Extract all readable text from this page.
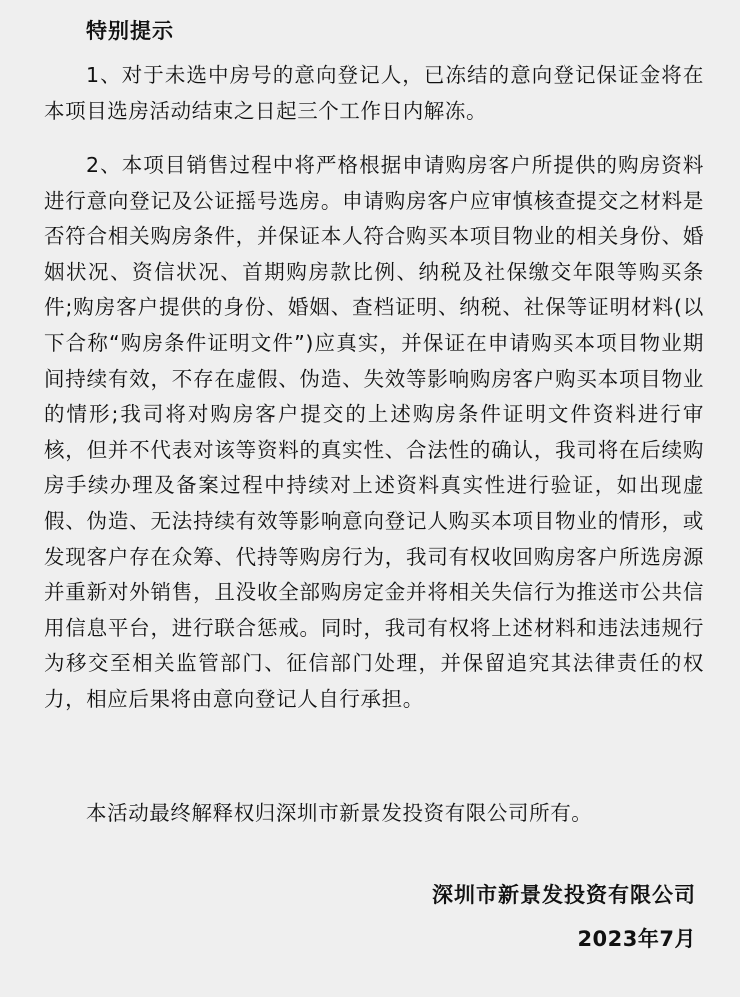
特别提示

1、对于未选中房号的意向登记人，已冻结的意向登记保证金将在本项目选房活动结束之日起三个工作日内解冻。

2、本项目销售过程中将严格根据申请购房客户所提供的购房资料进行意向登记及公证摇号选房。申请购房客户应审慎核查提交之材料是否符合相关购房条件，并保证本人符合购买本项目物业的相关身份、婚姻状况、资信状况、首期购房款比例、纳税及社保缴交年限等购买条件;购房客户提供的身份、婚姻、查档证明、纳税、社保等证明材料(以下合称“购房条件证明文件”)应真实，并保证在申请购买本项目物业期间持续有效，不存在虚假、伪造、失效等影响购房客户购买本项目物业的情形;我司将对购房客户提交的上述购房条件证明文件资料进行审核，但并不代表对该等资料的真实性、合法性的确认，我司将在后续购房手续办理及备案过程中持续对上述资料真实性进行验证，如出现虚假、伪造、无法持续有效等影响意向登记人购买本项目物业的情形，或发现客户存在众筹、代持等购房行为，我司有权收回购房客户所选房源并重新对外销售，且没收全部购房定金并将相关失信行为推送市公共信用信息平台，进行联合惩戒。同时，我司有权将上述材料和违法违规行为移交至相关监管部门、征信部门处理，并保留追究其法律责任的权力，相应后果将由意向登记人自行承担。

本活动最终解释权归深圳市新景发投资有限公司所有。

深圳市新景发投资有限公司

2023年7月
